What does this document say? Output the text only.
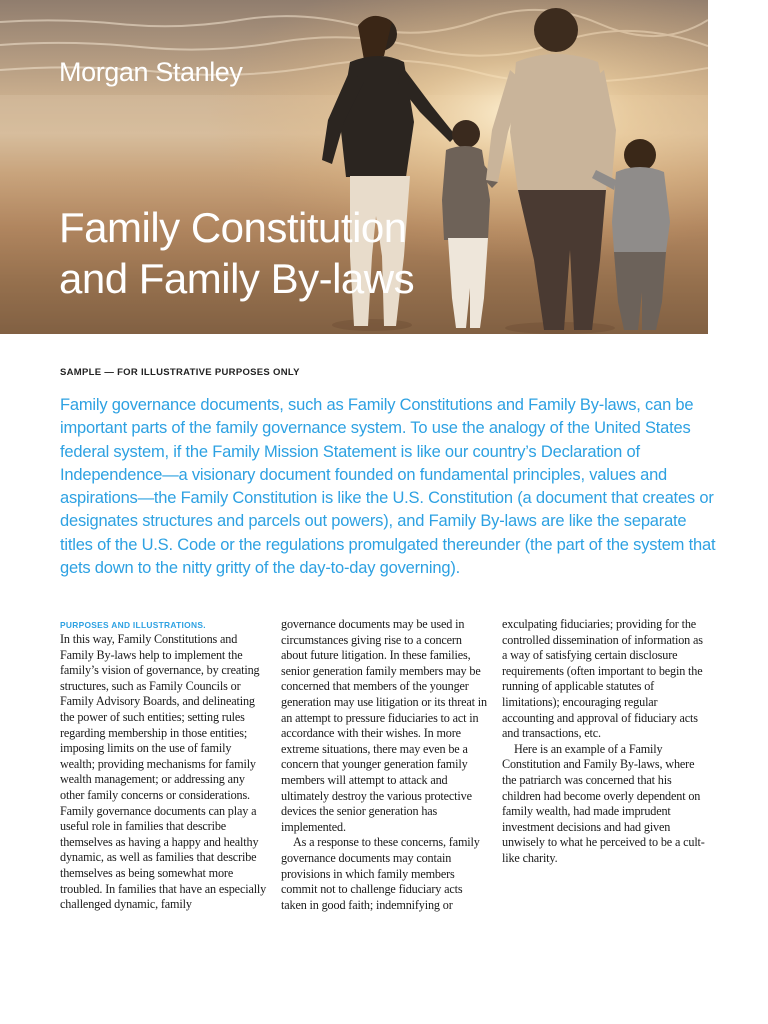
Morgan Stanley
Family Constitution
and Family By-laws
SAMPLE — FOR ILLUSTRATIVE PURPOSES ONLY

Family governance documents, such as Family Constitutions and Family By-laws, can be important parts of the family governance system. To use the analogy of the United States federal system, if the Family Mission Statement is like our country’s Declaration of Independence—a visionary document founded on fundamental principles, values and aspirations—the Family Constitution is like the U.S. Constitution (a document that creates or designates structures and parcels out powers), and Family By-laws are like the separate titles of the U.S. Code or the regulations promulgated thereunder (the part of the system that gets down to the nitty gritty of the day-to-day governing).

PURPOSES AND ILLUSTRATIONS.

In this way, Family Constitutions and Family By-laws help to implement the family’s vision of governance, by creating structures, such as Family Councils or Family Advisory Boards, and delineating the power of such entities; setting rules regarding membership in those entities; imposing limits on the use of family wealth; providing mechanisms for family wealth management; or addressing any other family concerns or considerations. Family governance documents can play a useful role in families that describe themselves as having a happy and healthy dynamic, as well as families that describe themselves as being somewhat more troubled. In families that have an especially challenged dynamic, family

governance documents may be used in circumstances giving rise to a concern about future litigation. In these families, senior generation family members may be concerned that members of the younger generation may use litigation or its threat in an attempt to pressure fiduciaries to act in accordance with their wishes. In more extreme situations, there may even be a concern that younger generation family members will attempt to attack and ultimately destroy the various protective devices the senior generation has implemented.

As a response to these concerns, family governance documents may contain provisions in which family members commit not to challenge fiduciary acts taken in good faith; indemnifying or

exculpating fiduciaries; providing for the controlled dissemination of information as a way of satisfying certain disclosure requirements (often important to begin the running of applicable statutes of limitations); encouraging regular accounting and approval of fiduciary acts and transactions, etc.

Here is an example of a Family Constitution and Family By-laws, where the patriarch was concerned that his children had become overly dependent on family wealth, had made imprudent investment decisions and had given unwisely to what he perceived to be a cult-like charity.
